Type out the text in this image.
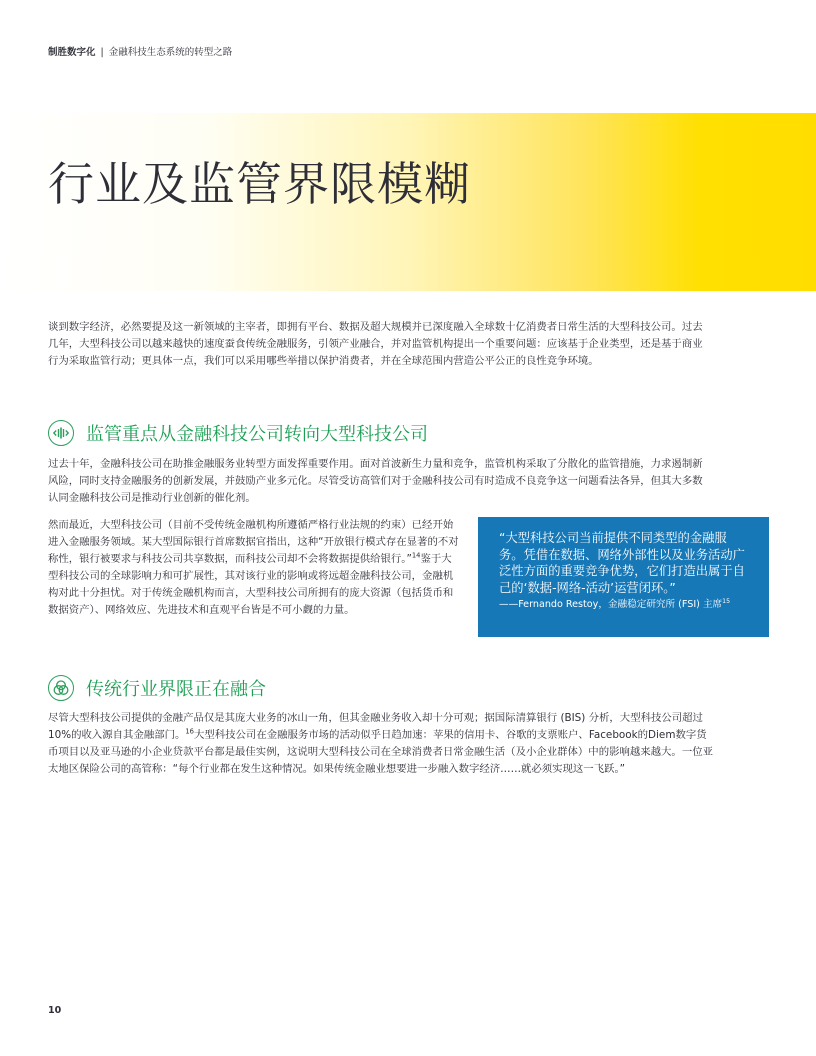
制胜数字化 | 金融科技生态系统的转型之路
行业及监管界限模糊

谈到数字经济，必然要提及这一新领域的主宰者，即拥有平台、数据及超大规模并已深度融入全球数十亿消费者日常生活的大型科技公司。过去几年，大型科技公司以越来越快的速度蚕食传统金融服务，引领产业融合，并对监管机构提出一个重要问题：应该基于企业类型，还是基于商业行为采取监管行动；更具体一点，我们可以采用哪些举措以保护消费者，并在全球范围内营造公平公正的良性竞争环境。

监管重点从金融科技公司转向大型科技公司

过去十年，金融科技公司在助推金融服务业转型方面发挥重要作用。面对首波新生力量和竞争，监管机构采取了分散化的监管措施，力求遏制新风险，同时支持金融服务的创新发展，并鼓励产业多元化。尽管受访高管们对于金融科技公司有时造成不良竞争这一问题看法各异，但其大多数认同金融科技公司是推动行业创新的催化剂。

然而最近，大型科技公司（目前不受传统金融机构所遵循严格行业法规的约束）已经开始进入金融服务领域。某大型国际银行首席数据官指出，这种“开放银行模式存在显著的不对称性，银行被要求与科技公司共享数据，而科技公司却不会将数据提供给银行。”$^{14}$鉴于大型科技公司的全球影响力和可扩展性，其对该行业的影响或将远超金融科技公司，金融机构对此十分担忧。对于传统金融机构而言，大型科技公司所拥有的庞大资源（包括货币和数据资产）、网络效应、先进技术和直观平台皆是不可小觑的力量。

“大型科技公司当前提供不同类型的金融服务。凭借在数据、网络外部性以及业务活动广泛性方面的重要竞争优势，它们打造出属于自己的‘数据-网络-活动’运营闭环。”

——Fernando Restoy，金融稳定研究所 (FSI) 主席$^{15}$

传统行业界限正在融合

尽管大型科技公司提供的金融产品仅是其庞大业务的冰山一角，但其金融业务收入却十分可观；据国际清算银行 (BIS) 分析，大型科技公司超过10%的收入源自其金融部门。$^{16}$大型科技公司在金融服务市场的活动似乎日趋加速：苹果的信用卡、谷歌的支票账户、Facebook的Diem数字货币项目以及亚马逊的小企业贷款平台都是最佳实例，这说明大型科技公司在全球消费者日常金融生活（及小企业群体）中的影响越来越大。一位亚太地区保险公司的高管称：“每个行业都在发生这种情况。如果传统金融业想要进一步融入数字经济……就必须实现这一飞跃。”

10
